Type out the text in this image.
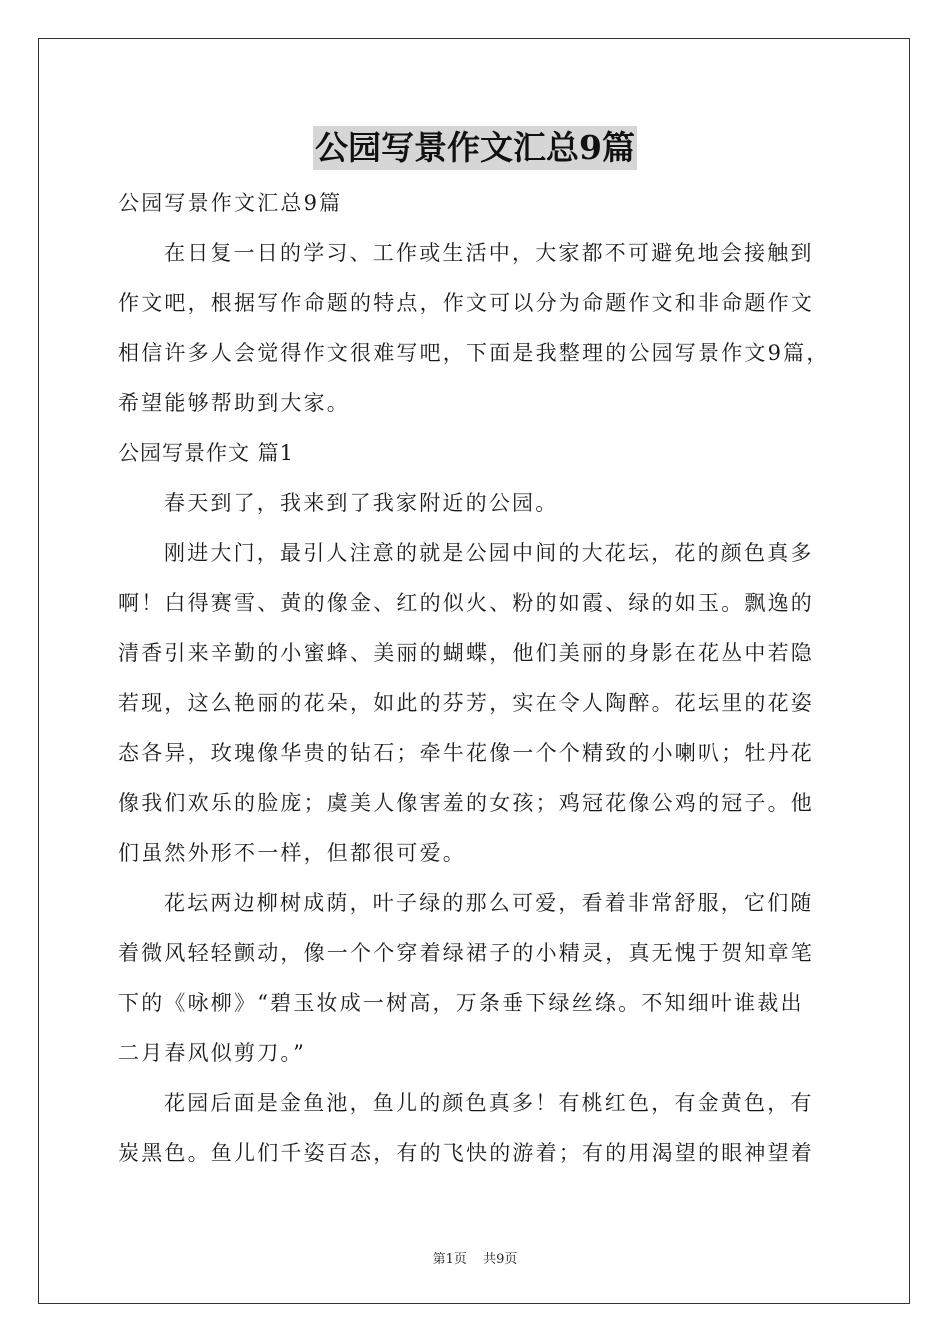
公园写景作文汇总9篇
公园写景作文汇总9篇
在日复一日的学习、工作或生活中，大家都不可避免地会接触到
作文吧，根据写作命题的特点，作文可以分为命题作文和非命题作文
相信许多人会觉得作文很难写吧，下面是我整理的公园写景作文9篇，
希望能够帮助到大家。
公园写景作文 篇1
春天到了，我来到了我家附近的公园。
刚进大门，最引人注意的就是公园中间的大花坛，花的颜色真多
啊！白得赛雪、黄的像金、红的似火、粉的如霞、绿的如玉。飘逸的
清香引来辛勤的小蜜蜂、美丽的蝴蝶，他们美丽的身影在花丛中若隐
若现，这么艳丽的花朵，如此的芬芳，实在令人陶醉。花坛里的花姿
态各异，玫瑰像华贵的钻石；牵牛花像一个个精致的小喇叭；牡丹花
像我们欢乐的脸庞；虞美人像害羞的女孩；鸡冠花像公鸡的冠子。他
们虽然外形不一样，但都很可爱。
花坛两边柳树成荫，叶子绿的那么可爱，看着非常舒服，它们随
着微风轻轻颤动，像一个个穿着绿裙子的小精灵，真无愧于贺知章笔
下的《咏柳》“碧玉妆成一树高，万条垂下绿丝绦。不知细叶谁裁出
二月春风似剪刀。”
花园后面是金鱼池，鱼儿的颜色真多！有桃红色，有金黄色，有
炭黑色。鱼儿们千姿百态，有的飞快的游着；有的用渴望的眼神望着
第1页 共9页
